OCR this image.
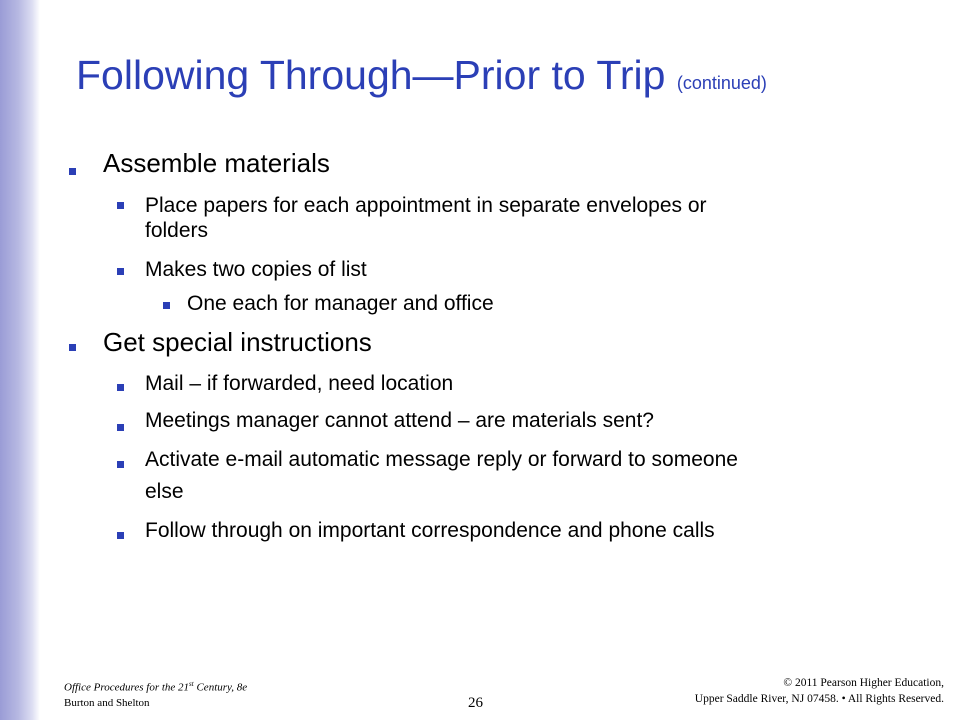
Following Through—Prior to Trip (continued)
Assemble materials
Place papers for each appointment in separate envelopes or
folders
Makes two copies of list
One each for manager and office
Get special instructions
Mail – if forwarded, need location
Meetings manager cannot attend – are materials sent?
Activate e-mail automatic message reply or forward to someone
else
Follow through on important correspondence and phone calls
Office Procedures for the 21st Century, 8e
Burton and Shelton	26
© 2011 Pearson Higher Education,
Upper Saddle River, NJ 07458. • All Rights Reserved.
